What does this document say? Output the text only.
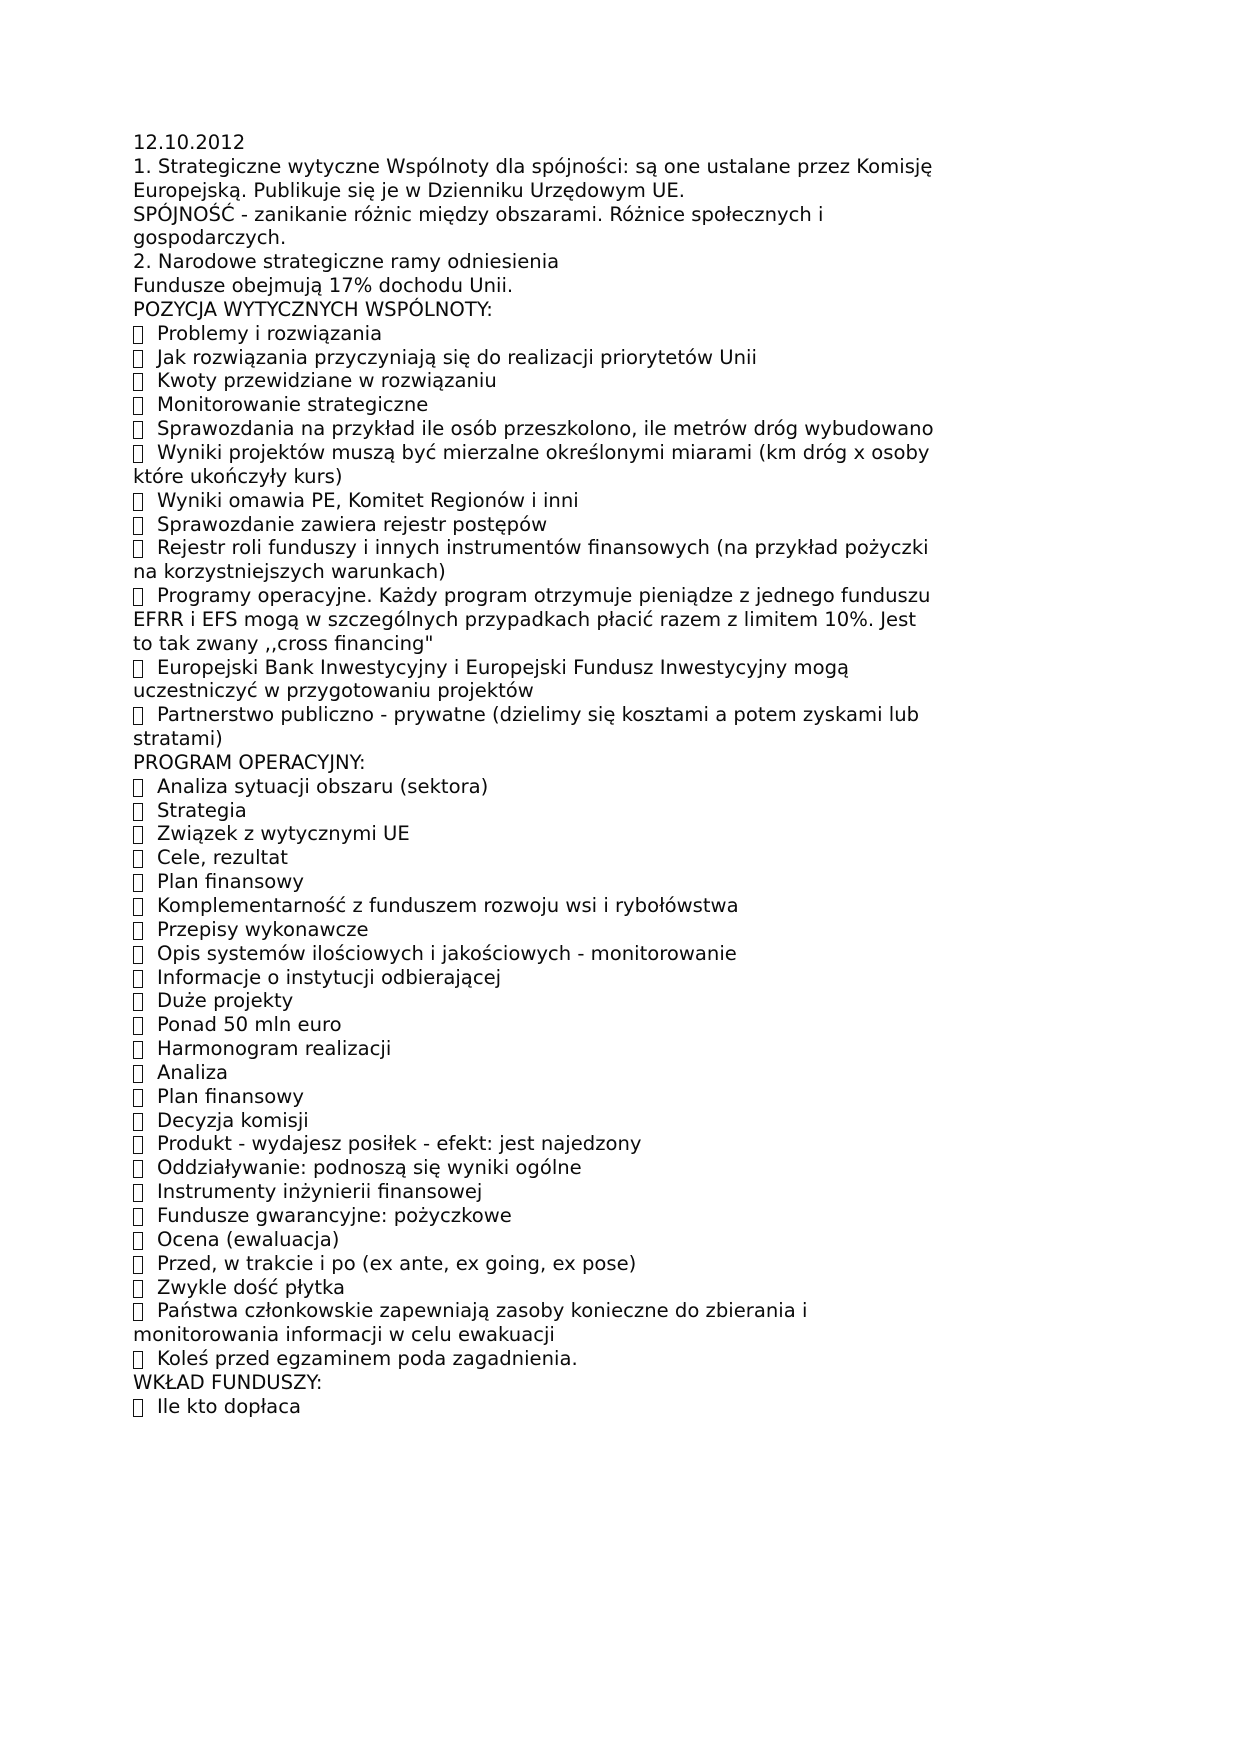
12.10.2012
1. Strategiczne wytyczne Wspólnoty dla spójności: są one ustalane przez Komisję
Europejską. Publikuje się je w Dzienniku Urzędowym UE.
SPÓJNOŚĆ - zanikanie różnic między obszarami. Różnice społecznych i
gospodarczych.
2. Narodowe strategiczne ramy odniesienia
Fundusze obejmują 17% dochodu Unii.
POZYCJA WYTYCZNYCH WSPÓLNOTY:
Problemy i rozwiązania
Jak rozwiązania przyczyniają się do realizacji priorytetów Unii
Kwoty przewidziane w rozwiązaniu
Monitorowanie strategiczne
Sprawozdania na przykład ile osób przeszkolono, ile metrów dróg wybudowano
Wyniki projektów muszą być mierzalne określonymi miarami (km dróg x osoby
które ukończyły kurs)
Wyniki omawia PE, Komitet Regionów i inni
Sprawozdanie zawiera rejestr postępów
Rejestr roli funduszy i innych instrumentów finansowych (na przykład pożyczki
na korzystniejszych warunkach)
Programy operacyjne. Każdy program otrzymuje pieniądze z jednego funduszu
EFRR i EFS mogą w szczególnych przypadkach płacić razem z limitem 10%. Jest
to tak zwany ,,cross financing"
Europejski Bank Inwestycyjny i Europejski Fundusz Inwestycyjny mogą
uczestniczyć w przygotowaniu projektów
Partnerstwo publiczno - prywatne (dzielimy się kosztami a potem zyskami lub
stratami)
PROGRAM OPERACYJNY:
Analiza sytuacji obszaru (sektora)
Strategia
Związek z wytycznymi UE
Cele, rezultat
Plan finansowy
Komplementarność z funduszem rozwoju wsi i rybołówstwa
Przepisy wykonawcze
Opis systemów ilościowych i jakościowych - monitorowanie
Informacje o instytucji odbierającej
Duże projekty
Ponad 50 mln euro
Harmonogram realizacji
Analiza
Plan finansowy
Decyzja komisji
Produkt - wydajesz posiłek - efekt: jest najedzony
Oddziaływanie: podnoszą się wyniki ogólne
Instrumenty inżynierii finansowej
Fundusze gwarancyjne: pożyczkowe
Ocena (ewaluacja)
Przed, w trakcie i po (ex ante, ex going, ex pose)
Zwykle dość płytka
Państwa członkowskie zapewniają zasoby konieczne do zbierania i
monitorowania informacji w celu ewakuacji
Koleś przed egzaminem poda zagadnienia.
WKŁAD FUNDUSZY:
Ile kto dopłaca
